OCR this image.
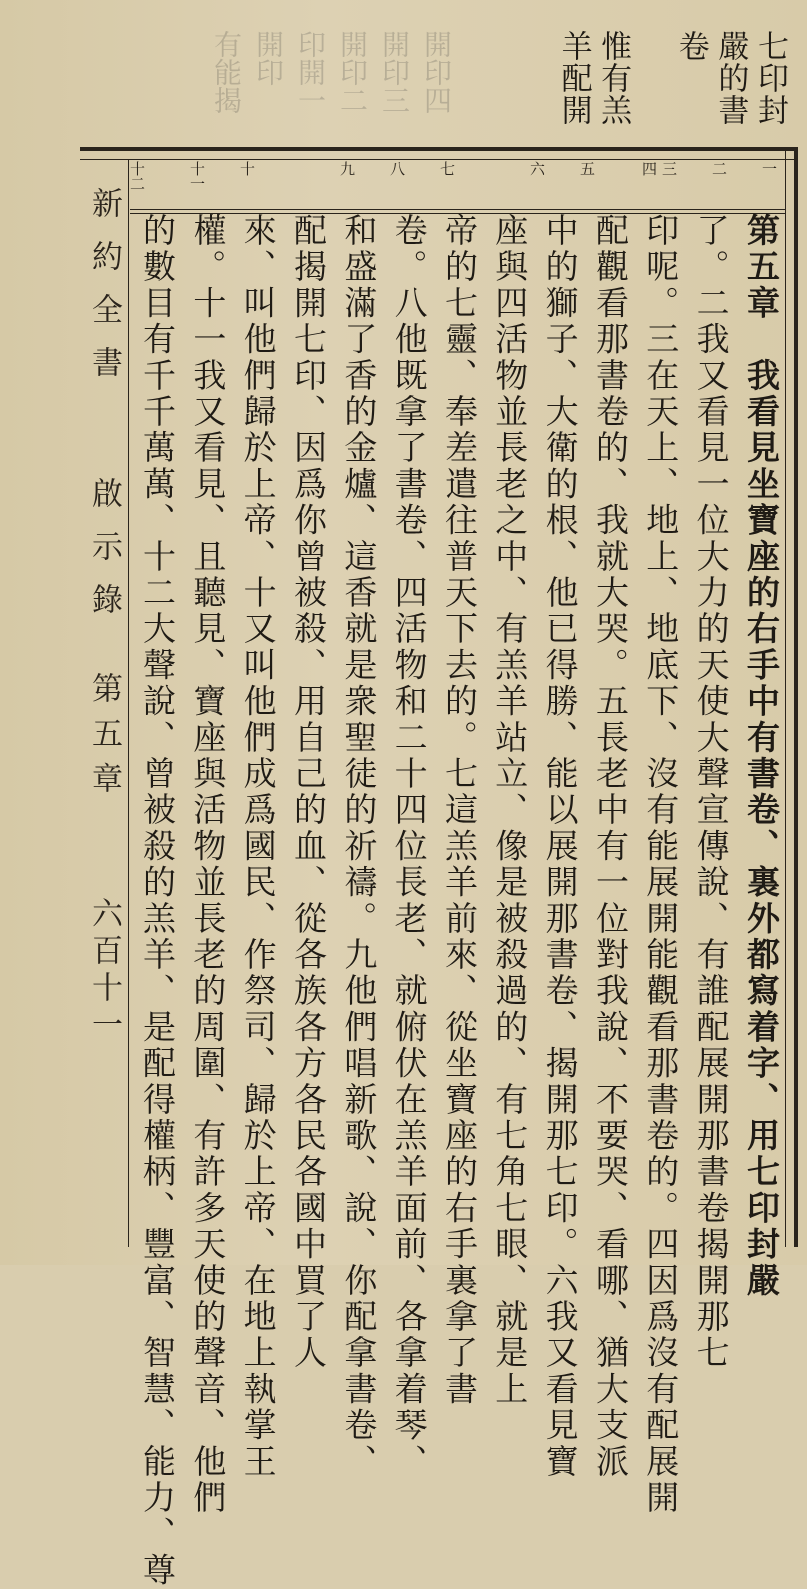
開印四
開印三
開印二
印開一
開印
有能揭	七印封
嚴的書
卷
惟有羔
羊配開
新約全書
啟示錄
第五章
六百十一
一
二
三
四
五
六
七
八
九
十
十一
十二
第五章　我看見坐寶座的右手中有書卷、裏外都寫着字、用七印封嚴
了。二我又看見一位大力的天使大聲宣傳說、有誰配展開那書卷揭開那七
印呢。三在天上、地上、地底下、沒有能展開能觀看那書卷的。四因爲沒有配展開
配觀看那書卷的、我就大哭。五長老中有一位對我說、不要哭、看哪、猶大支派
中的獅子、大衛的根、他已得勝、能以展開那書卷、揭開那七印。六我又看見寶
座與四活物並長老之中、有羔羊站立、像是被殺過的、有七角七眼、就是上
帝的七靈、奉差遣往普天下去的。七這羔羊前來、從坐寶座的右手裏拿了書
卷。八他既拿了書卷、四活物和二十四位長老、就俯伏在羔羊面前、各拿着琴、
和盛滿了香的金爐、這香就是衆聖徒的祈禱。九他們唱新歌、說、你配拿書卷、
配揭開七印、因爲你曾被殺、用自己的血、從各族各方各民各國中買了人
來、叫他們歸於上帝、十又叫他們成爲國民、作祭司、歸於上帝、在地上執掌王
權。十一我又看見、且聽見、寶座與活物並長老的周圍、有許多天使的聲音、他們
的數目有千千萬萬、十二大聲說、曾被殺的羔羊、是配得權柄、豐富、智慧、能力、尊
